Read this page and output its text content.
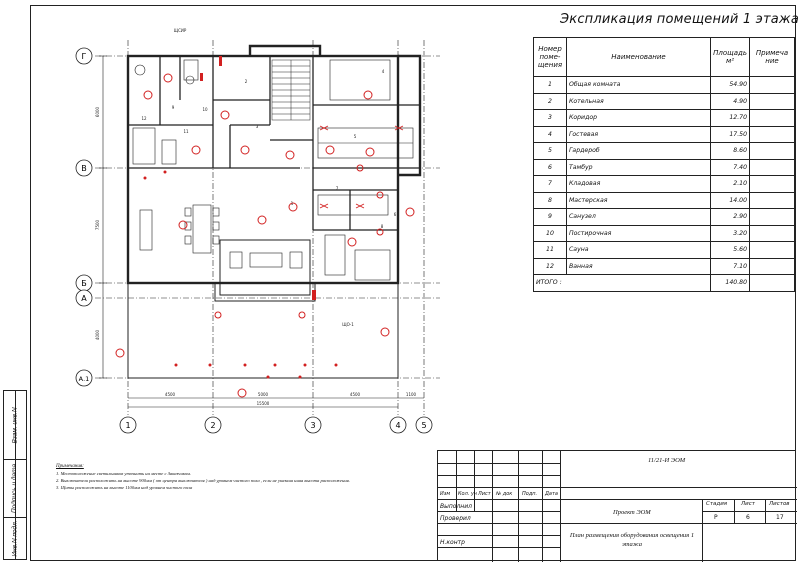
Взам. инв.N
Подпись и дата
Инв.N подл.
Г
В
Б
А
А.1
1	2	3	4	5
4500	5000	4500	1100
15500
6000
7500
4000
ЩСИР
ЩО-1
1
2
3
4
5
6
7
8
9	10
11
12
Экспликация помещений 1 этажа
Номер поме-щения	Наименование	Площадь м²	Примеча ние
1	Общая комната	54.90	
2	Котельная	4.90	
3	Коридор	12.70	
4	Гостевая	17.50	
5	Гардероб	8.60	
6	Тамбур	7.40	
7	Кладовая	2.10	
8	Мастерская	14.00	
9	Санузел	2.90	
10	Постирочная	3.20	
11	Сауна	5.60	
12	Ванная	7.10	
ИТОГО :		140.80	
Примечания:
1. Местоположение светильников уточнить на месте с Заказчиком.
2. Выключатели расположить на высоте 900мм ( от центра выключателя ) над уровнем чистого пола , если не указана иная высота расположения.
3. Щиты расположить на высоте 1100мм над уровнем чистого пола
11/21-И ЭОМ
Изм Кол. уч Лист № док Подп. Дата
Выполнил
Проверил
Н.контр
Проект ЭОМ
План размещения оборудования освещения 1 этажа
Стадия	Лист	Листов
Р	6	17
